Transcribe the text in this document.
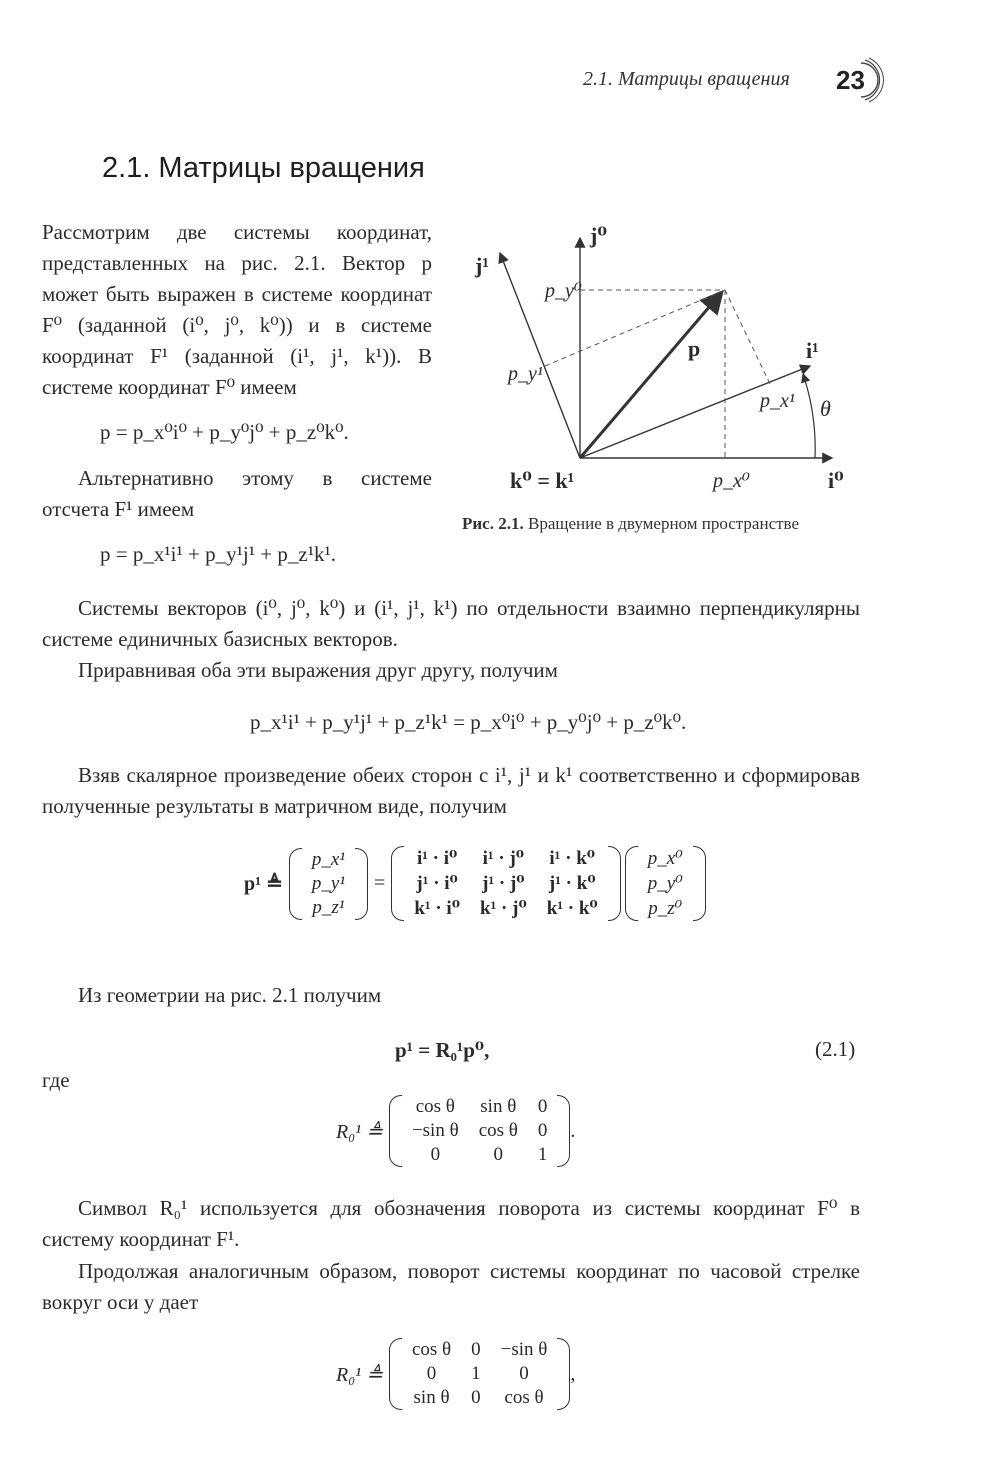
2.1. Матрицы вращения 23
2.1. Матрицы вращения
Рассмотрим две системы координат, представленных на рис. 2.1. Вектор p может быть выражен в системе координат F⁰ (заданной (i⁰, j⁰, k⁰)) и в системе координат F¹ (заданной (i¹, j¹, k¹)). В системе координат F⁰ имеем
p = p_x⁰i⁰ + p_y⁰j⁰ + p_z⁰k⁰.
Альтернативно этому в системе отсчета F¹ имеем
p = p_x¹i¹ + p_y¹j¹ + p_z¹k¹.
j⁰
j¹
i¹
i⁰
p
p_y⁰
p_y¹
p_x¹
p_x⁰
θ
k⁰ = k¹
Рис. 2.1. Вращение в двумерном пространстве
Системы векторов (i⁰, j⁰, k⁰) и (i¹, j¹, k¹) по отдельности взаимно перпендикулярны системе единичных базисных векторов.
Приравнивая оба эти выражения друг другу, получим
p_x¹i¹ + p_y¹j¹ + p_z¹k¹ = p_x⁰i⁰ + p_y⁰j⁰ + p_z⁰k⁰.
Взяв скалярное произведение обеих сторон с i¹, j¹ и k¹ соответственно и сформировав полученные результаты в матричном виде, получим
p¹ ≜
p_x¹
p_y¹
p_z¹
=
i¹ · i⁰	i¹ · j⁰	i¹ · k⁰
j¹ · i⁰	j¹ · j⁰	j¹ · k⁰
k¹ · i⁰	k¹ · j⁰	k¹ · k⁰
p_x⁰
p_y⁰
p_z⁰
Из геометрии на рис. 2.1 получим
p¹ = R₀¹p⁰,	(2.1)
где
R₀¹ ≜
cos θ	sin θ	0
−sin θ	cos θ	0
0	0	1
.
Символ R₀¹ используется для обозначения поворота из системы координат F⁰ в систему координат F¹.
Продолжая аналогичным образом, поворот системы координат по часовой стрелке вокруг оси y дает
R₀¹ ≜
cos θ	0	−sin θ
0	1	0
sin θ	0	cos θ
,
